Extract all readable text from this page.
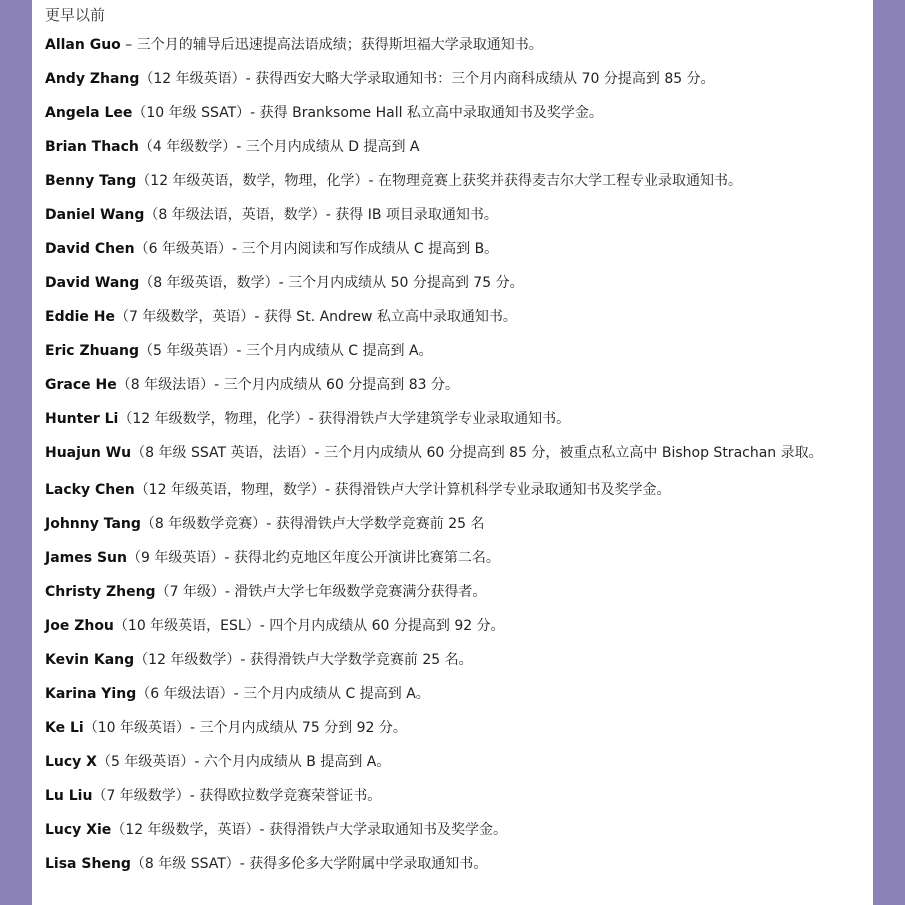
更早以前
Allan Guo – 三个月的辅导后迅速提高法语成绩；获得斯坦福大学录取通知书。
Andy Zhang（12 年级英语）- 获得西安大略大学录取通知书：三个月内商科成绩从 70 分提高到 85 分。
Angela Lee（10 年级 SSAT）- 获得 Branksome Hall 私立高中录取通知书及奖学金。
Brian Thach（4 年级数学）- 三个月内成绩从 D 提高到 A
Benny Tang（12 年级英语，数学，物理，化学）- 在物理竞赛上获奖并获得麦吉尔大学工程专业录取通知书。
Daniel Wang（8 年级法语，英语，数学）- 获得 IB 项目录取通知书。
David Chen（6 年级英语）- 三个月内阅读和写作成绩从 C 提高到 B。
David Wang（8 年级英语，数学）- 三个月内成绩从 50 分提高到 75 分。
Eddie He（7 年级数学，英语）- 获得 St. Andrew 私立高中录取通知书。
Eric Zhuang（5 年级英语）- 三个月内成绩从 C 提高到 A。
Grace He（8 年级法语）- 三个月内成绩从 60 分提高到 83 分。
Hunter Li（12 年级数学，物理，化学）- 获得滑铁卢大学建筑学专业录取通知书。
Huajun Wu（8 年级 SSAT 英语，法语）- 三个月内成绩从 60 分提高到 85 分，被重点私立高中 Bishop Strachan 录取。
Lacky Chen（12 年级英语，物理，数学）- 获得滑铁卢大学计算机科学专业录取通知书及奖学金。
Johnny Tang（8 年级数学竞赛）- 获得滑铁卢大学数学竞赛前 25 名
James Sun（9 年级英语）- 获得北约克地区年度公开演讲比赛第二名。
Christy Zheng（7 年级）- 滑铁卢大学七年级数学竞赛满分获得者。
Joe Zhou（10 年级英语，ESL）- 四个月内成绩从 60 分提高到 92 分。
Kevin Kang（12 年级数学）- 获得滑铁卢大学数学竞赛前 25 名。
Karina Ying（6 年级法语）- 三个月内成绩从 C 提高到 A。
Ke Li（10 年级英语）- 三个月内成绩从 75 分到 92 分。
Lucy X（5 年级英语）- 六个月内成绩从 B 提高到 A。
Lu Liu（7 年级数学）- 获得欧拉数学竞赛荣誉证书。
Lucy Xie（12 年级数学，英语）- 获得滑铁卢大学录取通知书及奖学金。
Lisa Sheng（8 年级 SSAT）- 获得多伦多大学附属中学录取通知书。
